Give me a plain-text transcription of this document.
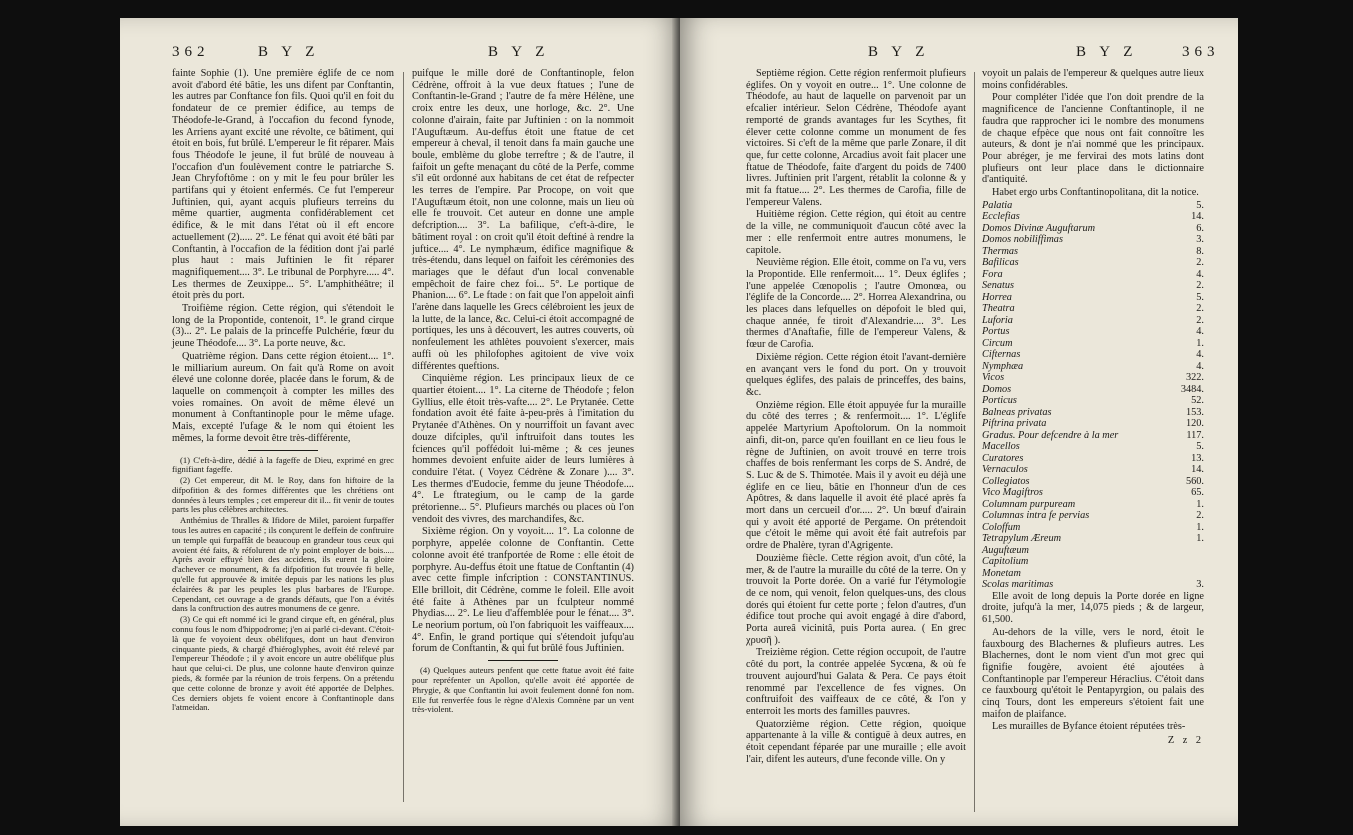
362	B Y Z	B Y Z

fainte Sophie (1). Une première églife de ce nom avoit d'abord été bâtie, les uns difent par Conftantin, les autres par Conftance fon fils. Quoi qu'il en foit du fondateur de ce premier édifice, au temps de Théodofe-le-Grand, à l'occafion du fecond fynode, les Arriens ayant excité une révolte, ce bâtiment, qui étoit en bois, fut brûlé. L'empereur le fit réparer. Mais fous Théodofe le jeune, il fut brûlé de nouveau à l'occafion d'un foulèvement contre le patriarche S. Jean Chryfoftôme : on y mit le feu pour brûler les partifans qui y étoient enfermés. Ce fut l'empereur Juftinien, qui, ayant acquis plufieurs terreins du même quartier, augmenta confidérablement cet édifice, & le mit dans l'état où il eft encore actuellement (2)..... 2°. Le fénat qui avoit été bâti par Conftantin, à l'occafion de la fédition dont j'ai parlé plus haut : mais Juftinien le fit réparer magnifiquement.... 3°. Le tribunal de Porphyre..... 4°. Les thermes de Zeuxippe... 5°. L'amphithéâtre; il étoit près du port.

Troifième région. Cette région, qui s'étendoit le long de la Propontide, contenoit, 1°. le grand cirque (3)... 2°. Le palais de la princeffe Pulchérie, fœur du jeune Théodofe.... 3°. La porte neuve, &c.

Quatrième région. Dans cette région étoient.... 1°. le milliarium aureum. On fait qu'à Rome on avoit élevé une colonne dorée, placée dans le forum, & de laquelle on commençoit à compter les milles des voies romaines. On avoit de même élevé un monument à Conftantinople pour le même ufage. Mais, excepté l'ufage & le nom qui étoient les mêmes, la forme devoit être très-différente,

(1) C'eft-à-dire, dédié à la fageffe de Dieu, exprimé en grec fignifiant fageffe.

(2) Cet empereur, dit M. le Roy, dans fon hiftoire de la difpofition & des formes différentes que les chrétiens ont données à leurs temples ; cet empereur dit il... fit venir de toutes parts les plus célèbres architectes.

Anthémius de Thralles & Ifidore de Milet, paroient furpaffer tous les autres en capacité ; ils conçurent le deffein de conftruire un temple qui furpaffât de beaucoup en grandeur tous ceux qui avoient été faits, & réfolurent de n'y point employer de bois..... Après avoir effuyé bien des accidens, ils eurent la gloire d'achever ce monument, & fa difpofition fut trouvée fi belle, qu'elle fut approuvée & imitée depuis par les nations les plus éclairées & par les peuples les plus barbares de l'Europe. Cependant, cet ouvrage a de grands défauts, que l'on a évités dans la conftruction des autres monumens de ce genre.

(3) Ce qui eft nommé ici le grand cirque eft, en général, plus connu fous le nom d'hippodrome; j'en ai parlé ci-devant. C'étoit-là que fe voyoient deux obélifques, dont un haut d'environ cinquante pieds, & chargé d'hiéroglyphes, avoit été relevé par l'empereur Théodofe ; il y avoit encore un autre obélifque plus haut que celui-ci. De plus, une colonne haute d'environ quinze pieds, & formée par la réunion de trois ferpens. On a prétendu que cette colonne de bronze y avoit été apportée de Delphes. Ces derniers objets fe voient encore à Conftantinople dans l'atmeidan.

puifque le mille doré de Conftantinople, felon Cédrène, offroit à la vue deux ftatues ; l'une de Conftantin-le-Grand ; l'autre de fa mère Hélène, une croix entre les deux, une horloge, &c. 2°. Une colonne d'airain, faite par Juftinien : on la nommoit l'Auguftæum. Au-deffus étoit une ftatue de cet empereur à cheval, il tenoit dans fa main gauche une boule, emblème du globe terreftre ; & de l'autre, il faifoit un gefte menaçant du côté de la Perfe, comme s'il eût ordonné aux habitans de cet état de refpecter les terres de l'empire. Par Procope, on voit que l'Auguftæum étoit, non une colonne, mais un lieu où elle fe trouvoit. Cet auteur en donne une ample defcription.... 3°. La bafilique, c'eft-à-dire, le bâtiment royal : on croit qu'il étoit deftiné à rendre la juftice.... 4°. Le nymphæum, édifice magnifique & très-étendu, dans lequel on faifoit les cérémonies des mariages que le défaut d'un local convenable empêchoit de faire chez foi... 5°. Le portique de Phanion.... 6°. Le ftade : on fait que l'on appeloit ainfi l'arène dans laquelle les Grecs célébroient les jeux de la lutte, de la lance, &c. Celui-ci étoit accompagné de portiques, les uns à découvert, les autres couverts, où nonfeulement les athlètes pouvoient s'exercer, mais auffi où les philofophes agitoient de vive voix différentes queftions.

Cinquième région. Les principaux lieux de ce quartier étoient.... 1°. La citerne de Théodofe ; felon Gyllius, elle étoit très-vafte.... 2°. Le Prytanée. Cette fondation avoit été faite à-peu-près à l'imitation du Prytanée d'Athènes. On y nourriffoit un favant avec douze difciples, qu'il inftruifoit dans toutes les fciences qu'il poffédoit lui-même ; & ces jeunes hommes devoient enfuite aider de leurs lumières à conduire l'état. ( Voyez Cédrène & Zonare ).... 3°. Les thermes d'Eudocie, femme du jeune Théodofe.... 4°. Le ftrategium, ou le camp de la garde prétorienne... 5°. Plufieurs marchés ou places où l'on vendoit des vivres, des marchandifes, &c.

Sixième région. On y voyoit.... 1°. La colonne de porphyre, appelée colonne de Conftantin. Cette colonne avoit été tranfportée de Rome : elle étoit de porphyre. Au-deffus étoit une ftatue de Conftantin (4) avec cette fimple infcription : CONSTANTINUS. Elle brilloit, dit Cédrène, comme le foleil. Elle avoit été faite à Athènes par un fculpteur nommé Phydias.... 2°. Le lieu d'affemblée pour le fénat.... 3°. Le neorium portum, où l'on fabriquoit les vaiffeaux.... 4°. Enfin, le grand portique qui s'étendoit jufqu'au forum de Conftantin, & qui fut brûlé fous Juftinien.

(4) Quelques auteurs penfent que cette ftatue avoit été faite pour repréfenter un Apollon, qu'elle avoit été apportée de Phrygie, & que Conftantin lui avoit feulement donné fon nom. Elle fut renverfée fous le règne d'Alexis Comnène par un vent très-violent.

B Y Z	B Y Z	363

Septième région. Cette région renfermoit plufieurs églifes. On y voyoit en outre... 1°. Une colonne de Théodofe, au haut de laquelle on parvenoit par un efcalier intérieur. Selon Cédrène, Théodofe ayant remporté de grands avantages fur les Scythes, fit élever cette colonne comme un monument de fes victoires. Si c'eft de la même que parle Zonare, il dit que, fur cette colonne, Arcadius avoit fait placer une ftatue de Théodofe, faite d'argent du poids de 7400 livres. Juftinien prit l'argent, rétablit la colonne & y mit fa ftatue.... 2°. Les thermes de Carofia, fille de l'empereur Valens.

Huitième région. Cette région, qui étoit au centre de la ville, ne communiquoit d'aucun côté avec la mer : elle renfermoit entre autres monumens, le capitole.

Neuvième région. Elle étoit, comme on l'a vu, vers la Propontide. Elle renfermoit.... 1°. Deux églifes ; l'une appelée Cœnopolis ; l'autre Omonœa, ou l'églife de la Concorde.... 2°. Horrea Alexandrina, ou les places dans lefquelles on dépofoit le bled qui, chaque année, fe tiroit d'Alexandrie.... 3°. Les thermes d'Anaftafie, fille de l'empereur Valens, & fœur de Carofia.

Dixième région. Cette région étoit l'avant-dernière en avançant vers le fond du port. On y trouvoit quelques églifes, des palais de princeffes, des bains, &c.

Onzième région. Elle étoit appuyée fur la muraille du côté des terres ; & renfermoit.... 1°. L'églife appelée Martyrium Apoftolorum. On la nommoit ainfi, dit-on, parce qu'en fouillant en ce lieu fous le règne de Juftinien, on avoit trouvé en terre trois chaffes de bois renfermant les corps de S. André, de S. Luc & de S. Thimotée. Mais il y avoit eu déjà une églife en ce lieu, bâtie en l'honneur d'un de ces Apôtres, & dans laquelle il avoit été placé après fa mort dans un cercueil d'or..... 2°. Un bœuf d'airain qui y avoit été apporté de Pergame. On prétendoit que c'étoit le même qui avoit été fait autrefois par ordre de Phalère, tyran d'Agrigente.

Douzième fiècle. Cette région avoit, d'un côté, la mer, & de l'autre la muraille du côté de la terre. On y trouvoit la Porte dorée. On a varié fur l'étymologie de ce nom, qui venoit, felon quelques-uns, des clous dorés qui étoient fur cette porte ; felon d'autres, d'un édifice tout proche qui avoit engagé à dire d'abord, Porta aureâ vicinitâ, puis Porta aurea. ( En grec χρυσῆ ).

Treizième région. Cette région occupoit, de l'autre côté du port, la contrée appelée Sycœna, & où fe trouvent aujourd'hui Galata & Pera. Ce pays étoit renommé par l'excellence de fes vignes. On conftruifoit des vaiffeaux de ce côté, & l'on y enterroit les morts des familles pauvres.

Quatorzième région. Cette région, quoique appartenante à la ville & contiguë à deux autres, en étoit cependant féparée par une muraille ; elle avoit l'air, difent les auteurs, d'une feconde ville. On y

voyoit un palais de l'empereur & quelques autre lieux moins confidérables.

Pour compléter l'idée que l'on doit prendre de la magnificence de l'ancienne Conftantinople, il ne faudra que rapprocher ici le nombre des monumens de chaque efpèce que nous ont fait connoître les auteurs, & dont je n'ai nommé que les principaux. Pour abréger, je me fervirai des mots latins dont plufieurs ont leur place dans le dictionnaire d'antiquité.

Habet ergo urbs Conftantinopolitana, dit la notice.

Palatia	5.
Ecclefias	14.
Domos Divinæ Auguftarum	6.
Domos nobiliffimas	3.
Thermas	8.
Bafilicas	2.
Fora	4.
Senatus	2.
Horrea	5.
Theatra	2.
Luforia	2.
Portus	4.
Circum	1.
Cifternas	4.
Nymphæa	4.
Vicos	322.
Domos	3484.
Porticus	52.
Balneas privatas	153.
Piftrina privata	120.
Gradus. Pour defcendre à la mer	117.
Macellos	5.
Curatores	13.
Vernaculos	14.
Collegiatos	560.
Vico Magiftros	65.
Columnam purpuream	1.
Columnas intra fe pervias	2.
Coloffum	1.
Tetrapylum Æreum	1.
Auguftæum	
Capitolium	
Monetam	
Scolas maritimas	3.

Elle avoit de long depuis la Porte dorée en ligne droite, jufqu'à la mer, 14,075 pieds ; & de largeur, 61,500.

Au-dehors de la ville, vers le nord, étoit le fauxbourg des Blachernes & plufieurs autres. Les Blachernes, dont le nom vient d'un mot grec qui fignifie fougère, avoient été ajoutées à Conftantinople par l'empereur Héraclius. C'étoit dans ce fauxbourg qu'étoit le Pentapyrgion, ou palais des cinq Tours, dont les empereurs s'étoient fait une maifon de plaifance.

Les murailles de Byfance étoient réputées très-

Z z 2
